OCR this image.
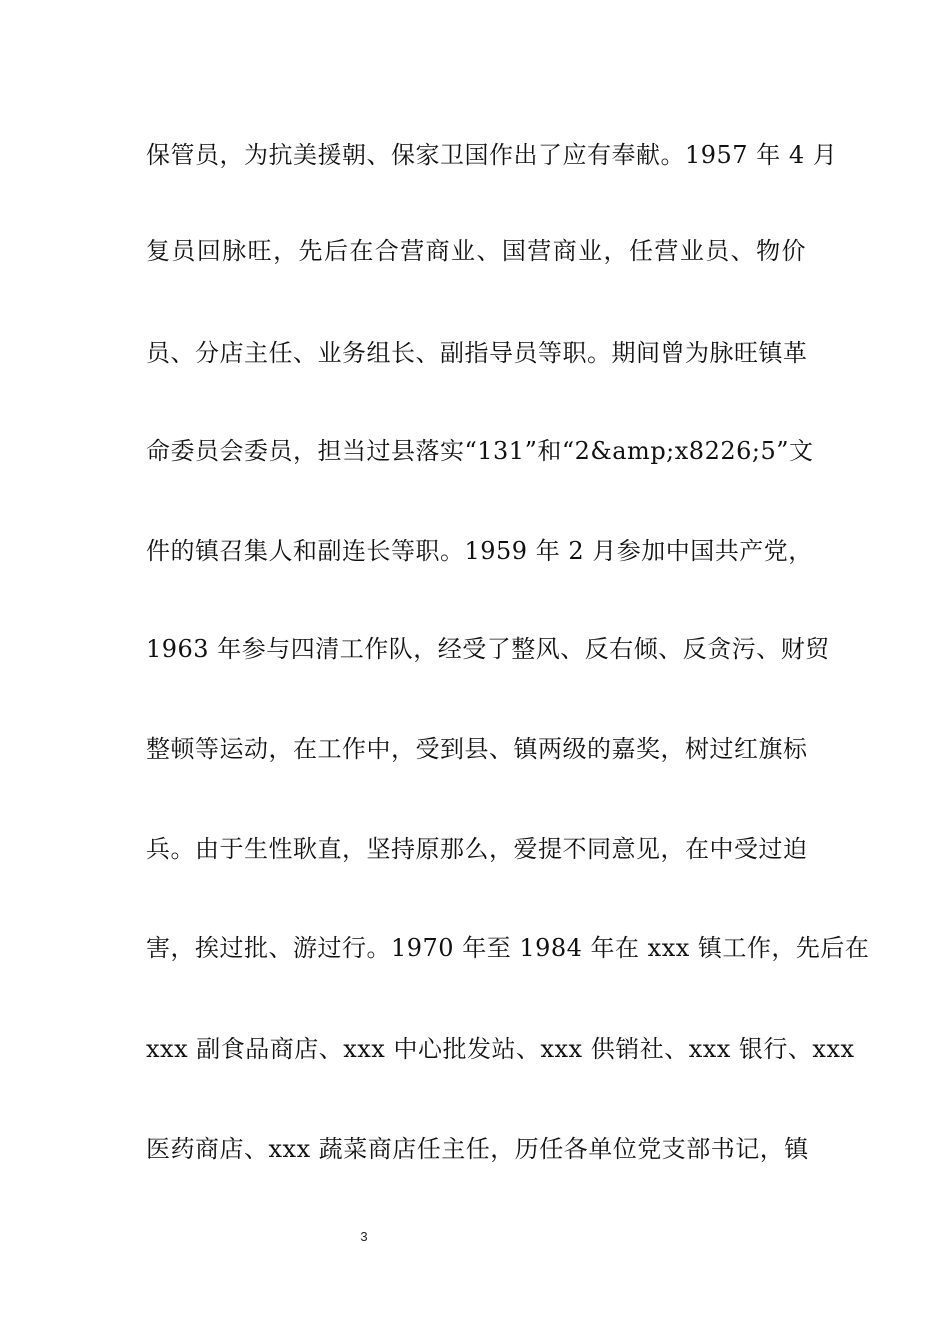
保管员，为抗美援朝、保家卫国作出了应有奉献。1957 年 4 月
复员回脉旺，先后在合营商业、国营商业，任营业员、物价
员、分店主任、业务组长、副指导员等职。期间曾为脉旺镇革
命委员会委员，担当过县落实“131”和“2&amp;x8226;5”文
件的镇召集人和副连长等职。1959 年 2 月参加中国共产党，
1963 年参与四清工作队，经受了整风、反右倾、反贪污、财贸
整顿等运动，在工作中，受到县、镇两级的嘉奖，树过红旗标
兵。由于生性耿直，坚持原那么，爱提不同意见，在中受过迫
害，挨过批、游过行。1970 年至 1984 年在 xxx 镇工作，先后在
xxx 副食品商店、xxx 中心批发站、xxx 供销社、xxx 银行、xxx
医药商店、xxx 蔬菜商店任主任，历任各单位党支部书记，镇
3
